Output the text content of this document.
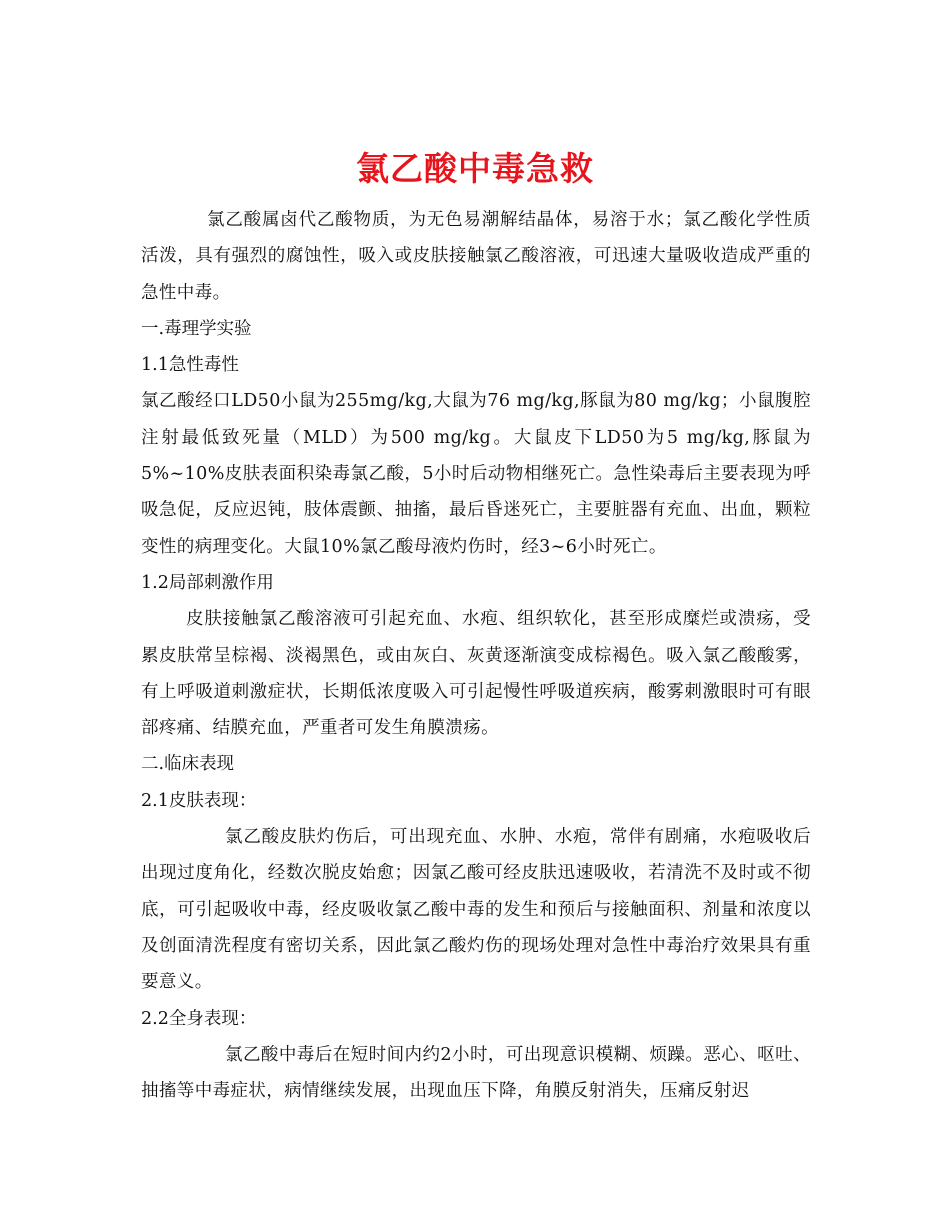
氯乙酸中毒急救

氯乙酸属卤代乙酸物质，为无色易潮解结晶体，易溶于水；氯乙酸化学性质活泼，具有强烈的腐蚀性，吸入或皮肤接触氯乙酸溶液，可迅速大量吸收造成严重的急性中毒。

一.毒理学实验

1.1急性毒性

氯乙酸经口LD50小鼠为255mg/kg,大鼠为76 mg/kg,豚鼠为80 mg/kg；小鼠腹腔注射最低致死量（MLD）为500 mg/kg。大鼠皮下LD50为5 mg/kg,豚鼠为5%~10%皮肤表面积染毒氯乙酸，5小时后动物相继死亡。急性染毒后主要表现为呼吸急促，反应迟钝，肢体震颤、抽搐，最后昏迷死亡，主要脏器有充血、出血，颗粒变性的病理变化。大鼠10%氯乙酸母液灼伤时，经3~6小时死亡。

1.2局部刺激作用

皮肤接触氯乙酸溶液可引起充血、水疱、组织软化，甚至形成糜烂或溃疡，受累皮肤常呈棕褐、淡褐黑色，或由灰白、灰黄逐渐演变成棕褐色。吸入氯乙酸酸雾，有上呼吸道刺激症状，长期低浓度吸入可引起慢性呼吸道疾病，酸雾刺激眼时可有眼部疼痛、结膜充血，严重者可发生角膜溃疡。

二.临床表现

2.1皮肤表现：

氯乙酸皮肤灼伤后，可出现充血、水肿、水疱，常伴有剧痛，水疱吸收后出现过度角化，经数次脱皮始愈；因氯乙酸可经皮肤迅速吸收，若清洗不及时或不彻底，可引起吸收中毒，经皮吸收氯乙酸中毒的发生和预后与接触面积、剂量和浓度以及创面清洗程度有密切关系，因此氯乙酸灼伤的现场处理对急性中毒治疗效果具有重要意义。

2.2全身表现：

氯乙酸中毒后在短时间内约2小时，可出现意识模糊、烦躁。恶心、呕吐、抽搐等中毒症状，病情继续发展，出现血压下降，角膜反射消失，压痛反射迟
